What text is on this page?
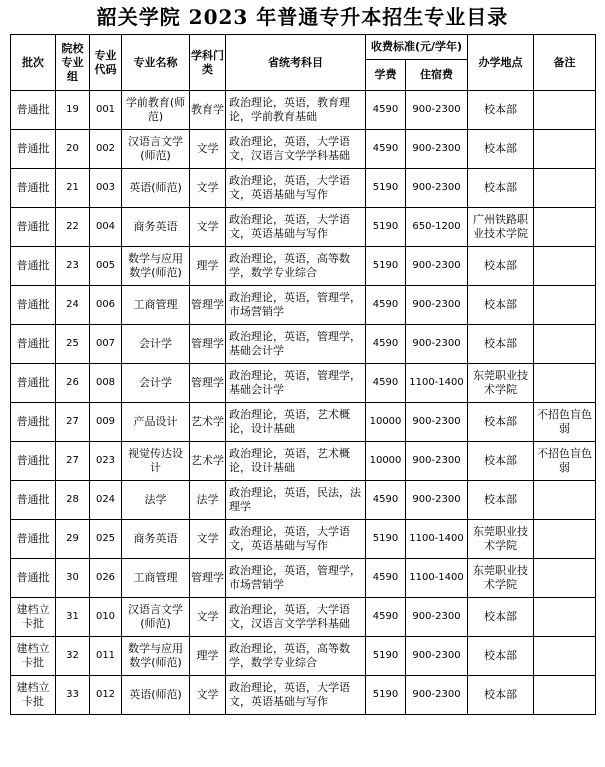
韶关学院 2023 年普通专升本招生专业目录
批次	院校专业组	专业代码	专业名称	学科门类	省统考科目	收费标准(元/学年)		办学地点	备注
						学费	住宿费		
普通批	19	001	学前教育(师范)	教育学	政治理论，英语，教育理论，学前教育基础	4590	900-2300	校本部	
普通批	20	002	汉语言文学(师范)	文学	政治理论，英语，大学语文，汉语言文学学科基础	4590	900-2300	校本部	
普通批	21	003	英语(师范)	文学	政治理论，英语，大学语文，英语基础与写作	5190	900-2300	校本部	
普通批	22	004	商务英语	文学	政治理论，英语，大学语文，英语基础与写作	5190	650-1200	广州铁路职业技术学院	
普通批	23	005	数学与应用数学(师范)	理学	政治理论，英语，高等数学，数学专业综合	5190	900-2300	校本部	
普通批	24	006	工商管理	管理学	政治理论，英语，管理学，市场营销学	4590	900-2300	校本部	
普通批	25	007	会计学	管理学	政治理论，英语，管理学，基础会计学	4590	900-2300	校本部	
普通批	26	008	会计学	管理学	政治理论，英语，管理学，基础会计学	4590	1100-1400	东莞职业技术学院	
普通批	27	009	产品设计	艺术学	政治理论，英语，艺术概论，设计基础	10000	900-2300	校本部	不招色盲色弱
普通批	27	023	视觉传达设计	艺术学	政治理论，英语，艺术概论，设计基础	10000	900-2300	校本部	不招色盲色弱
普通批	28	024	法学	法学	政治理论，英语，民法，法理学	4590	900-2300	校本部	
普通批	29	025	商务英语	文学	政治理论，英语，大学语文，英语基础与写作	5190	1100-1400	东莞职业技术学院	
普通批	30	026	工商管理	管理学	政治理论，英语，管理学，市场营销学	4590	1100-1400	东莞职业技术学院	
建档立卡批	31	010	汉语言文学(师范)	文学	政治理论，英语，大学语文，汉语言文学学科基础	4590	900-2300	校本部	
建档立卡批	32	011	数学与应用数学(师范)	理学	政治理论，英语，高等数学，数学专业综合	5190	900-2300	校本部	
建档立卡批	33	012	英语(师范)	文学	政治理论，英语，大学语文，英语基础与写作	5190	900-2300	校本部	
